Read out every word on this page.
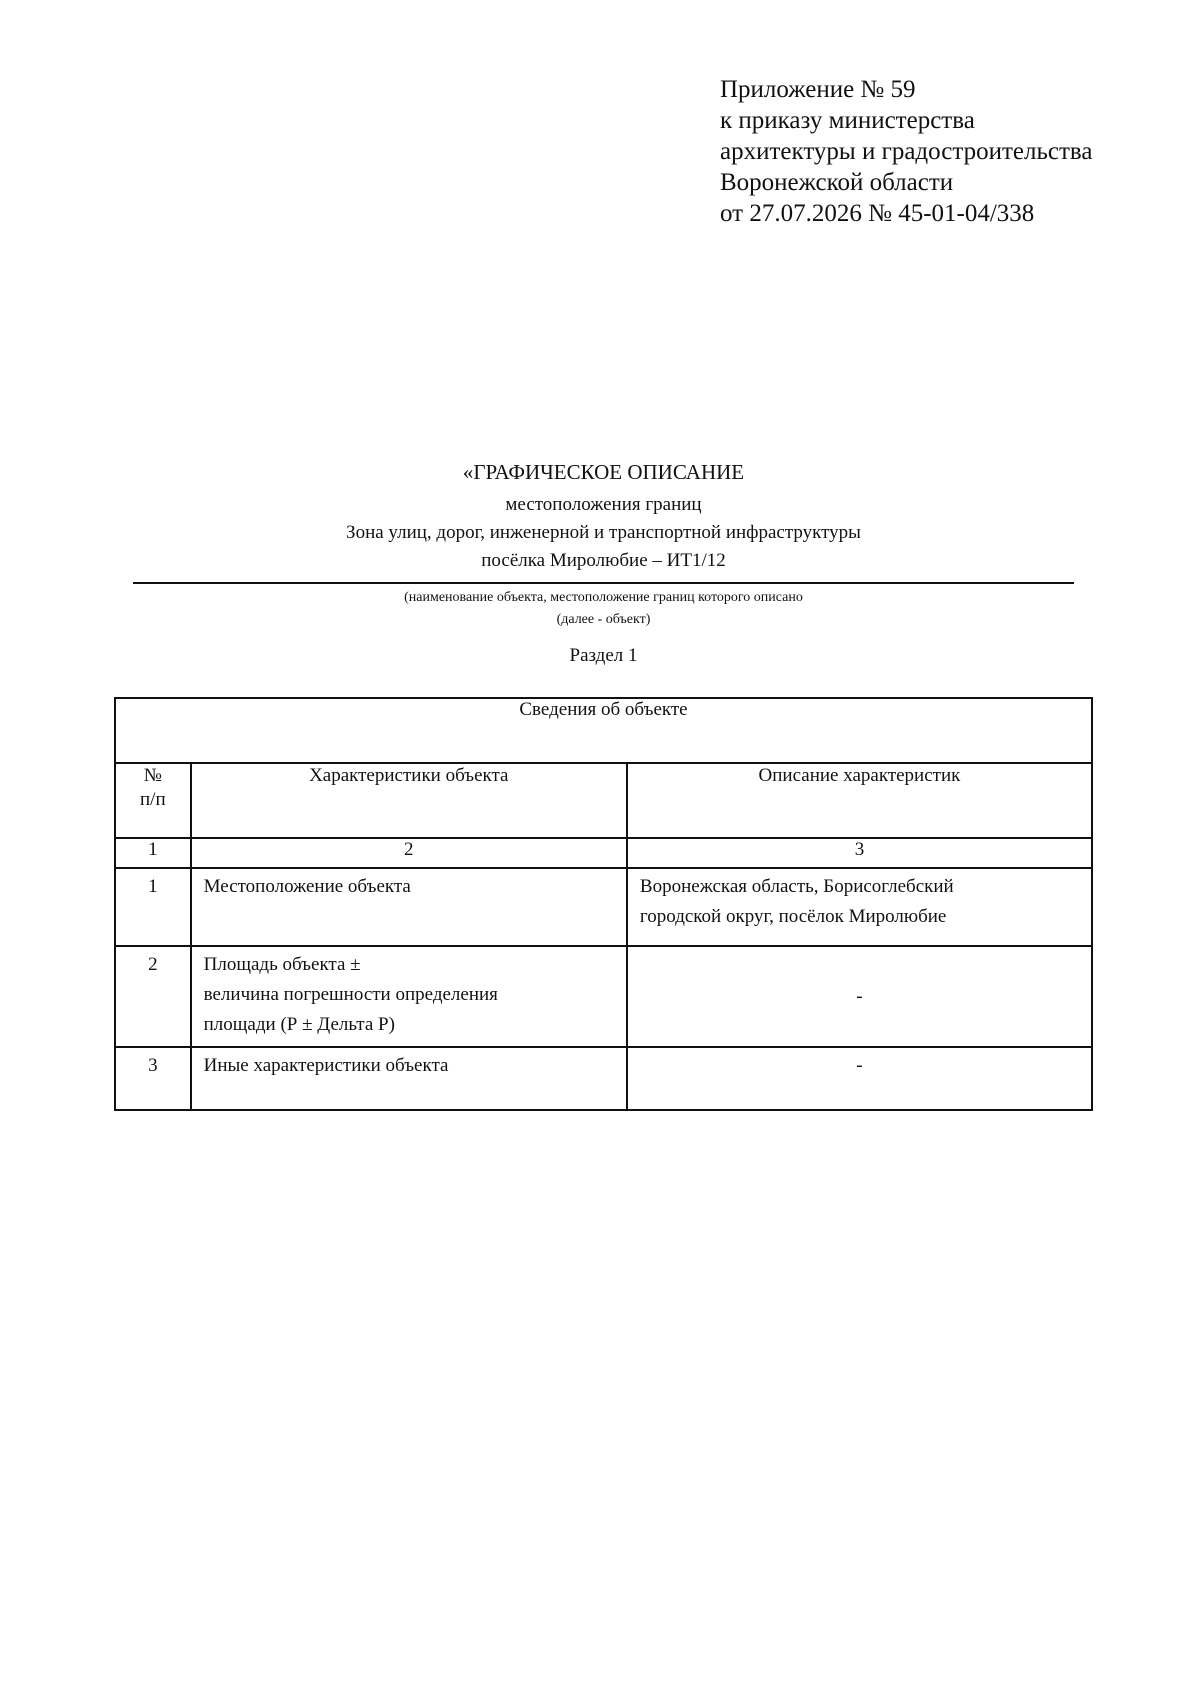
Приложение № 59

к приказу министерства

архитектуры и градостроительства

Воронежской области

от 27.07.2026 № 45-01-04/338

«ГРАФИЧЕСКОЕ ОПИСАНИЕ

местоположения границ

Зона улиц, дорог, инженерной и транспортной инфраструктуры

посёлка Миролюбие – ИТ1/12

(наименование объекта, местоположение границ которого описано

(далее - объект)

Раздел 1

Сведения об объекте		
№
п/п	Характеристики объекта	Описание характеристик
1	2	3
1	Местоположение объекта	Воронежская область, Борисоглебский
городской округ, посёлок Миролюбие
2	Площадь объекта ±
величина погрешности определения
площади (Р ± Дельта Р)	-
3	Иные характеристики объекта	-
